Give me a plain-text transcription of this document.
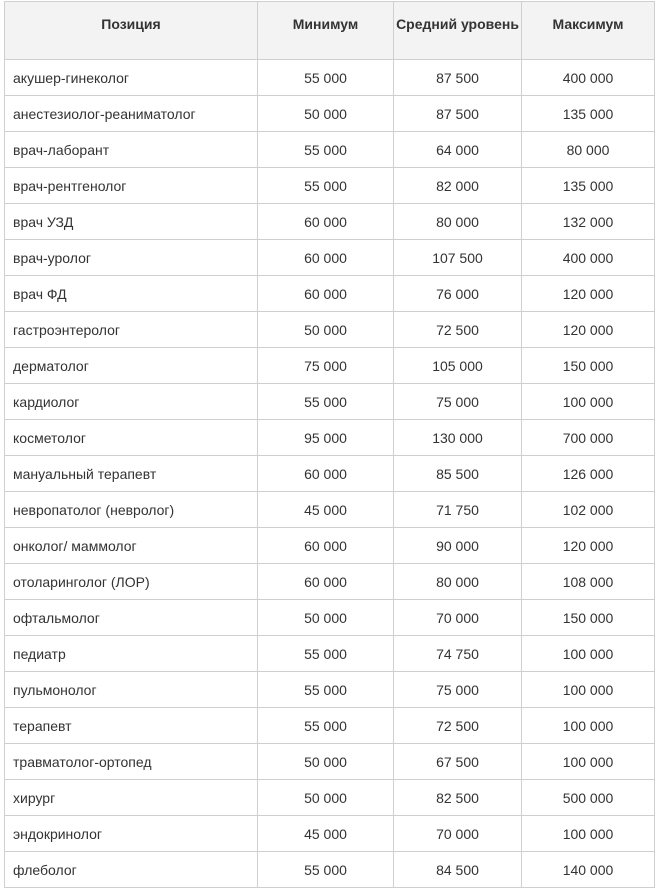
Позиция	Минимум	Средний уровень	Максимум
акушер-гинеколог	55 000	87 500	400 000
анестезиолог-реаниматолог	50 000	87 500	135 000
врач-лаборант	55 000	64 000	80 000
врач-рентгенолог	55 000	82 000	135 000
врач УЗД	60 000	80 000	132 000
врач-уролог	60 000	107 500	400 000
врач ФД	60 000	76 000	120 000
гастроэнтеролог	50 000	72 500	120 000
дерматолог	75 000	105 000	150 000
кардиолог	55 000	75 000	100 000
косметолог	95 000	130 000	700 000
мануальный терапевт	60 000	85 500	126 000
невропатолог (невролог)	45 000	71 750	102 000
онколог/ маммолог	60 000	90 000	120 000
отоларинголог (ЛОР)	60 000	80 000	108 000
офтальмолог	50 000	70 000	150 000
педиатр	55 000	74 750	100 000
пульмонолог	55 000	75 000	100 000
терапевт	55 000	72 500	100 000
травматолог-ортопед	50 000	67 500	100 000
хирург	50 000	82 500	500 000
эндокринолог	45 000	70 000	100 000
флеболог	55 000	84 500	140 000
